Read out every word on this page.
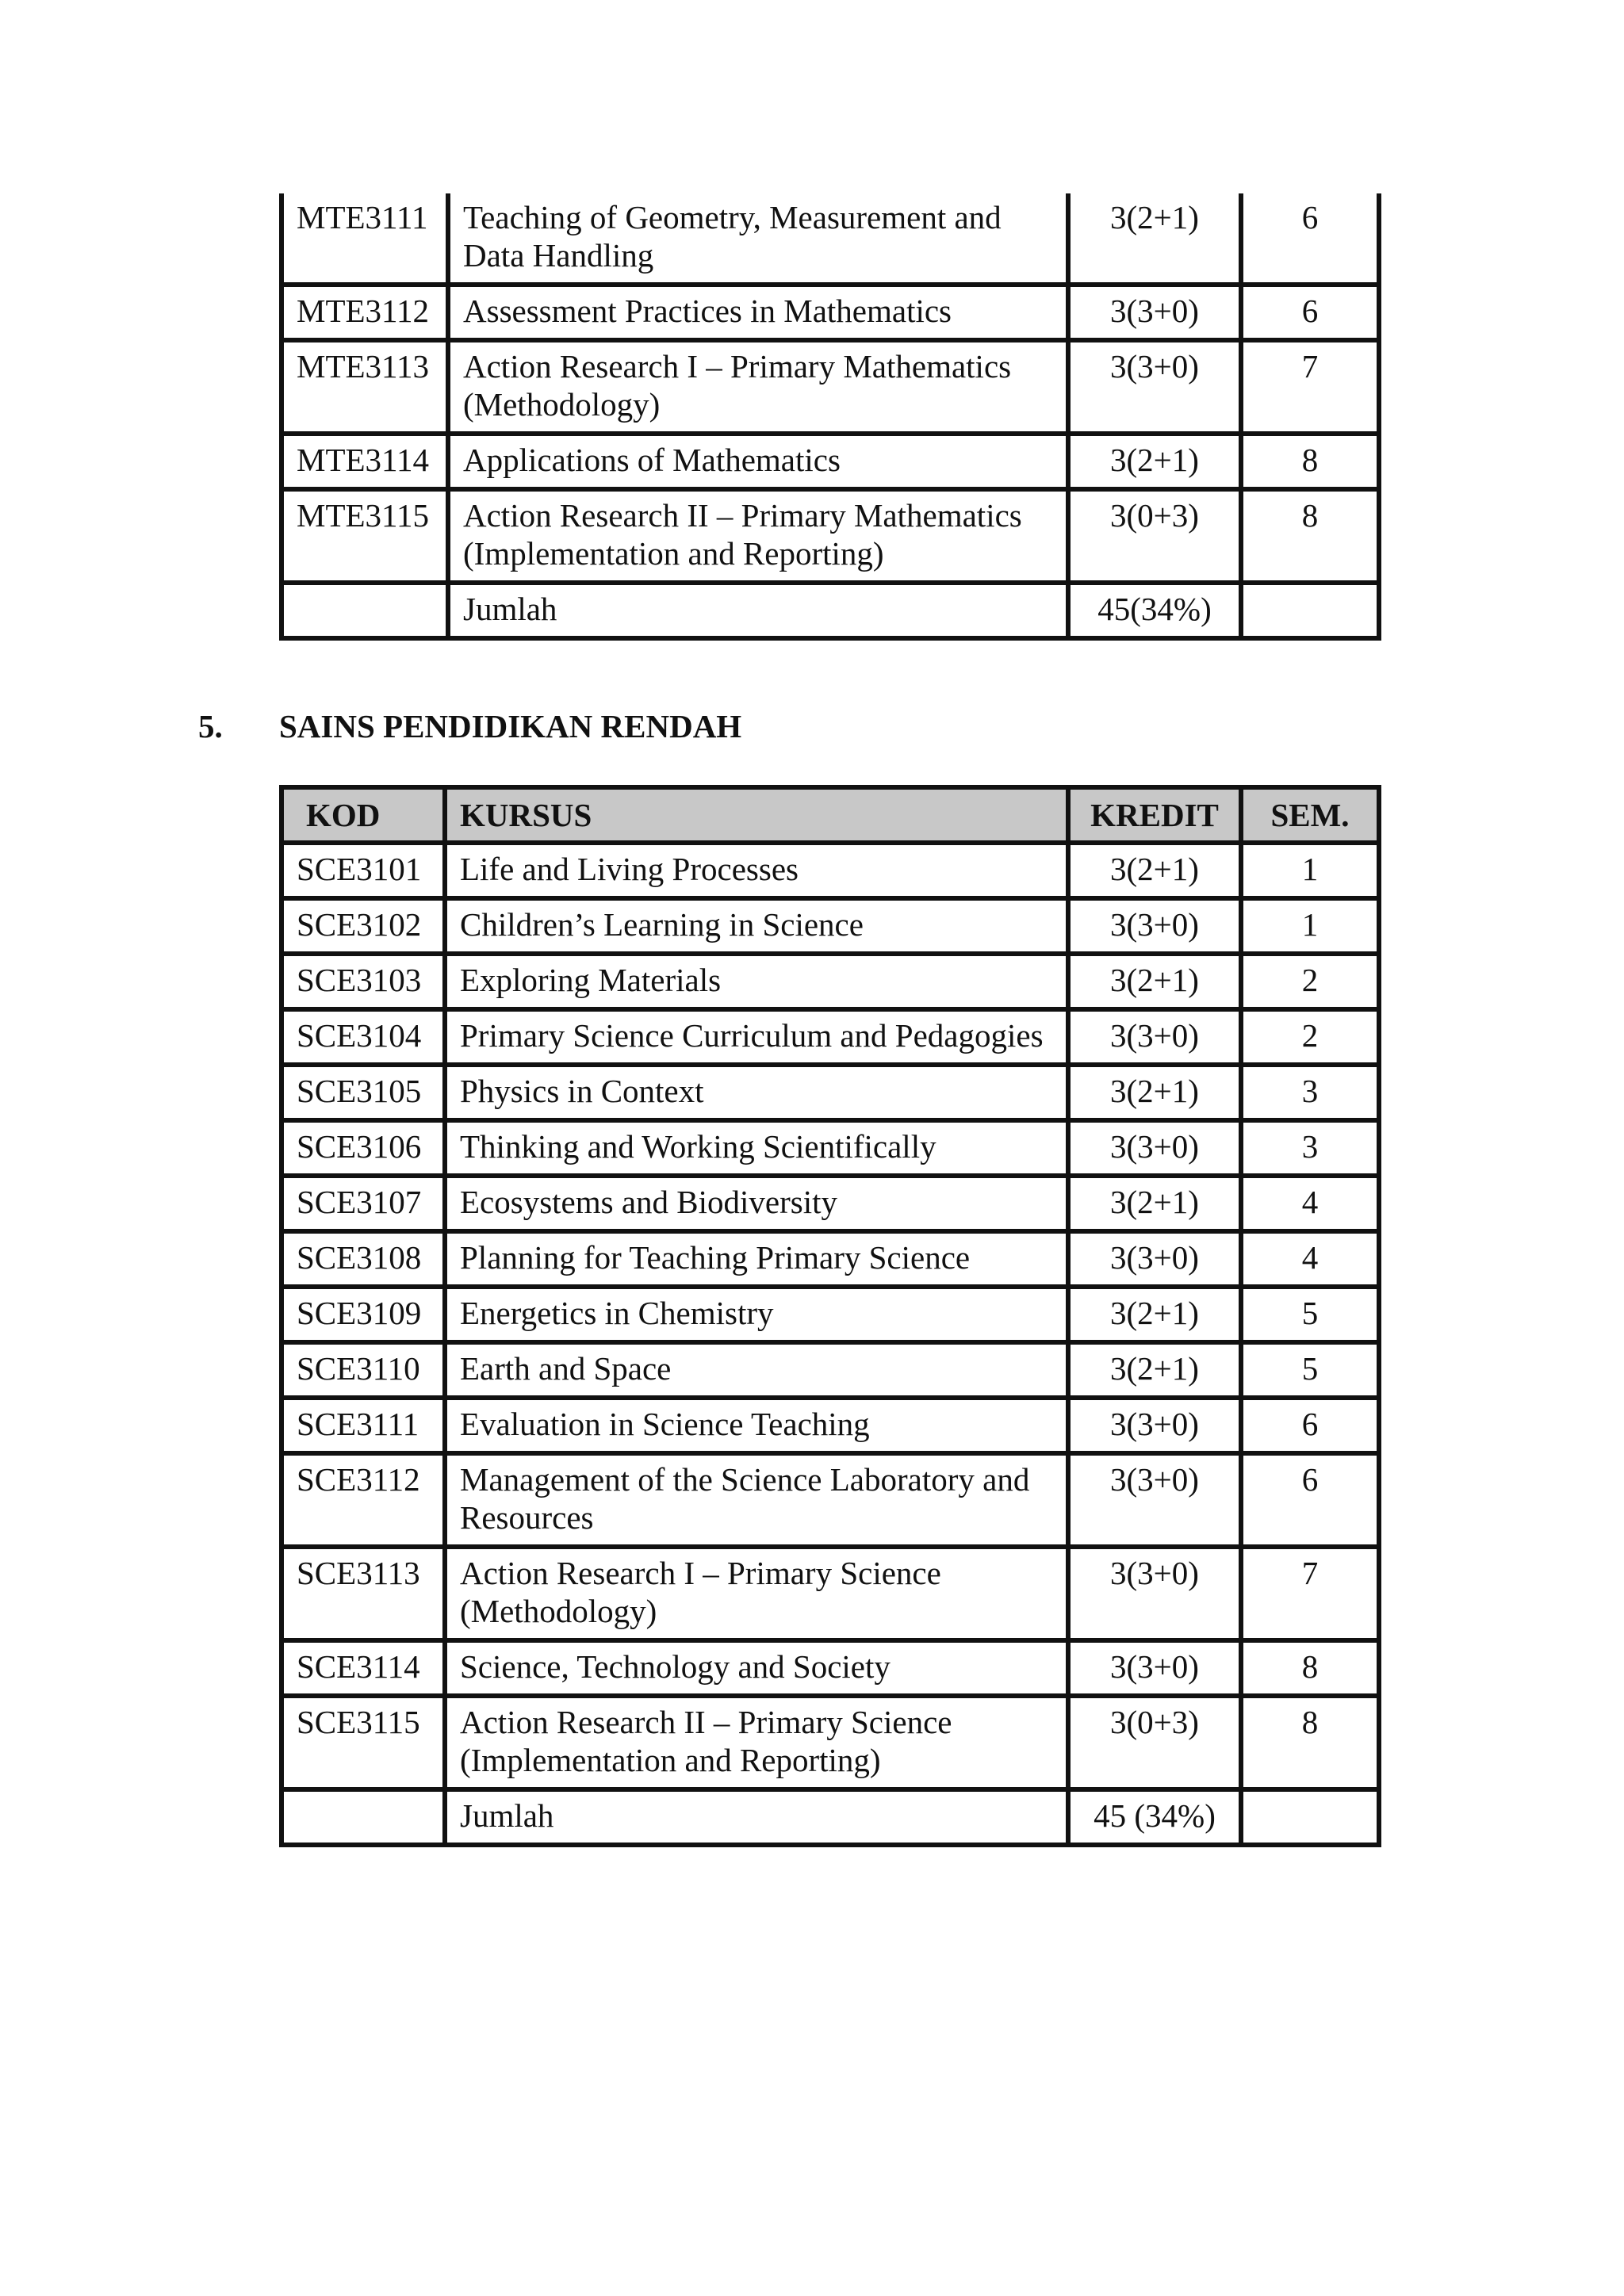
MTE3111	Teaching of Geometry, Measurement and Data Handling	3(2+1)	6
MTE3112	Assessment Practices in Mathematics	3(3+0)	6
MTE3113	Action Research I – Primary Mathematics (Methodology)	3(3+0)	7
MTE3114	Applications of Mathematics	3(2+1)	8
MTE3115	Action Research II – Primary Mathematics (Implementation and Reporting)	3(0+3)	8
	Jumlah	45(34%)	
5. SAINS PENDIDIKAN RENDAH
KOD	KURSUS	KREDIT	SEM.
SCE3101	Life and Living Processes	3(2+1)	1
SCE3102	Children’s Learning in Science	3(3+0)	1
SCE3103	Exploring Materials	3(2+1)	2
SCE3104	Primary Science Curriculum and Pedagogies	3(3+0)	2
SCE3105	Physics in Context	3(2+1)	3
SCE3106	Thinking and Working Scientifically	3(3+0)	3
SCE3107	Ecosystems and Biodiversity	3(2+1)	4
SCE3108	Planning for Teaching Primary Science	3(3+0)	4
SCE3109	Energetics in Chemistry	3(2+1)	5
SCE3110	Earth and Space	3(2+1)	5
SCE3111	Evaluation in Science Teaching	3(3+0)	6
SCE3112	Management of the Science Laboratory and Resources	3(3+0)	6
SCE3113	Action Research I – Primary Science (Methodology)	3(3+0)	7
SCE3114	Science, Technology and Society	3(3+0)	8
SCE3115	Action Research II – Primary Science (Implementation and Reporting)	3(0+3)	8
	Jumlah	45 (34%)	
